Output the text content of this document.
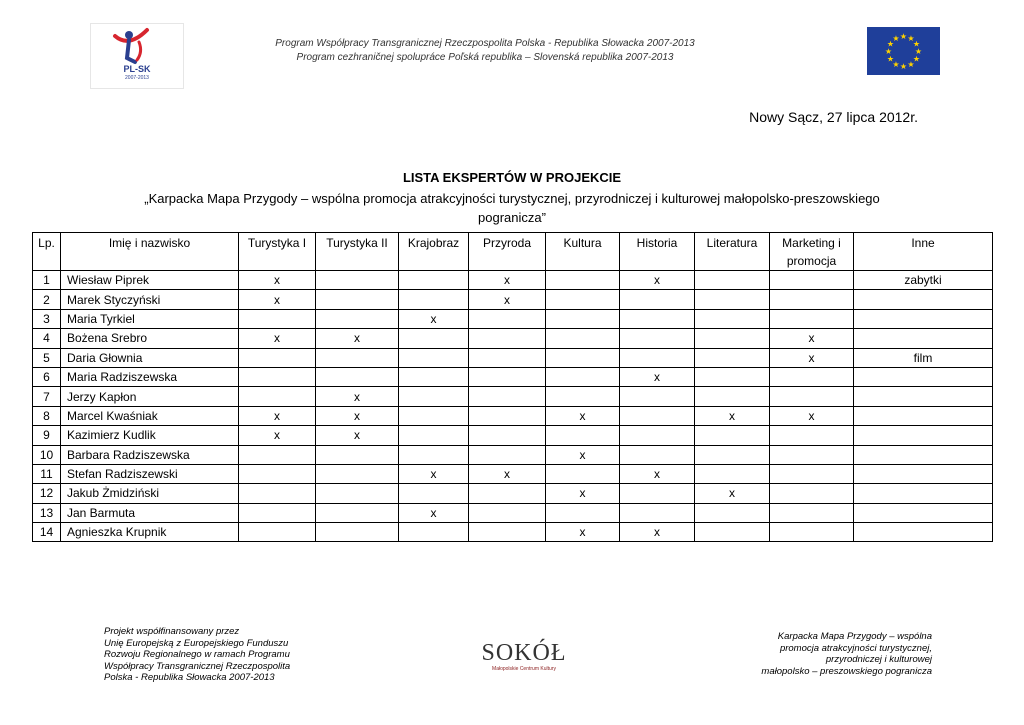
PL-SK
2007-2013
Program Współpracy Transgranicznej Rzeczpospolita Polska - Republika Słowacka 2007-2013
Program cezhraničnej spolupráce Poľská republika – Slovenská republika 2007-2013
★
★
★
★
★
★
★
★
★ ★ ★
★
Nowy Sącz, 27 lipca 2012r.
LISTA EKSPERTÓW W PROJEKCIE
„Karpacka Mapa Przygody – wspólna promocja atrakcyjności turystycznej, przyrodniczej i kulturowej małopolsko-preszowskiego pogranicza”
Lp.	Imię i nazwisko	Turystyka I	Turystyka II	Krajobraz	Przyroda	Kultura	Historia	Literatura	Marketing i promocja	Inne
1	Wiesław Piprek	x			x		x			zabytki
2	Marek Styczyński	x			x					
3	Maria Tyrkiel			x						
4	Bożena Srebro	x	x						x	
5	Daria Głownia								x	film
6	Maria Radziszewska						x			
7	Jerzy Kapłon		x							
8	Marcel Kwaśniak	x	x			x		x	x	
9	Kazimierz Kudlik	x	x							
10	Barbara Radziszewska					x				
11	Stefan Radziszewski			x	x		x			
12	Jakub Żmidziński					x		x		
13	Jan Barmuta			x						
14	Agnieszka Krupnik					x	x			
Projekt współfinansowany przez
Unię Europejską z Europejskiego Funduszu
Rozwoju Regionalnego w ramach Programu
Współpracy Transgranicznej Rzeczpospolita
Polska - Republika Słowacka 2007-2013
SOKÓŁ
Małopolskie Centrum Kultury
Karpacka Mapa Przygody – wspólna
promocja atrakcyjności turystycznej,
przyrodniczej i kulturowej
małopolsko – preszowskiego pogranicza
